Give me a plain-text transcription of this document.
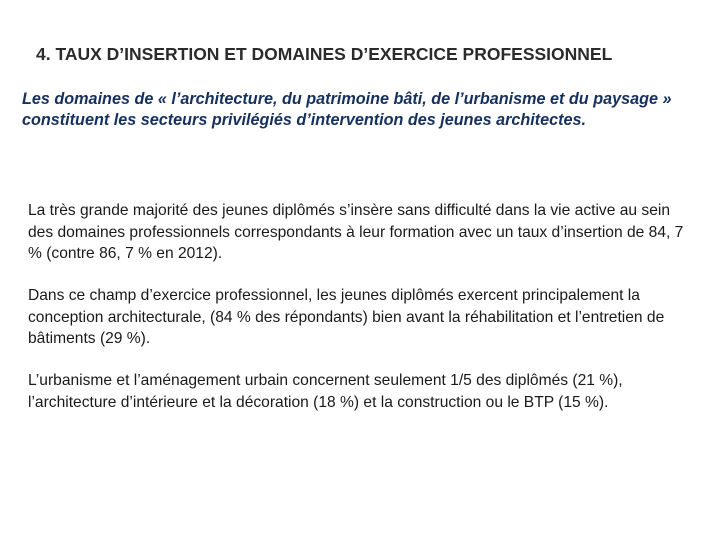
4. TAUX D’INSERTION ET DOMAINES D’EXERCICE PROFESSIONNEL
Les domaines de « l’architecture, du patrimoine bâti, de l’urbanisme et du paysage » constituent les secteurs privilégiés d’intervention des jeunes architectes.
La très grande majorité des jeunes diplômés s’insère sans difficulté dans la vie active au sein des domaines professionnels correspondants à leur formation avec un taux d’insertion de 84, 7 % (contre 86, 7 % en 2012).
Dans ce champ d’exercice professionnel, les jeunes diplômés exercent principalement la conception architecturale, (84 % des répondants) bien avant la réhabilitation et l’entretien de bâtiments (29 %).
L’urbanisme et l’aménagement urbain concernent seulement 1/5 des diplômés (21 %), l’architecture d’intérieure et la décoration (18 %) et la construction ou le BTP (15 %).
